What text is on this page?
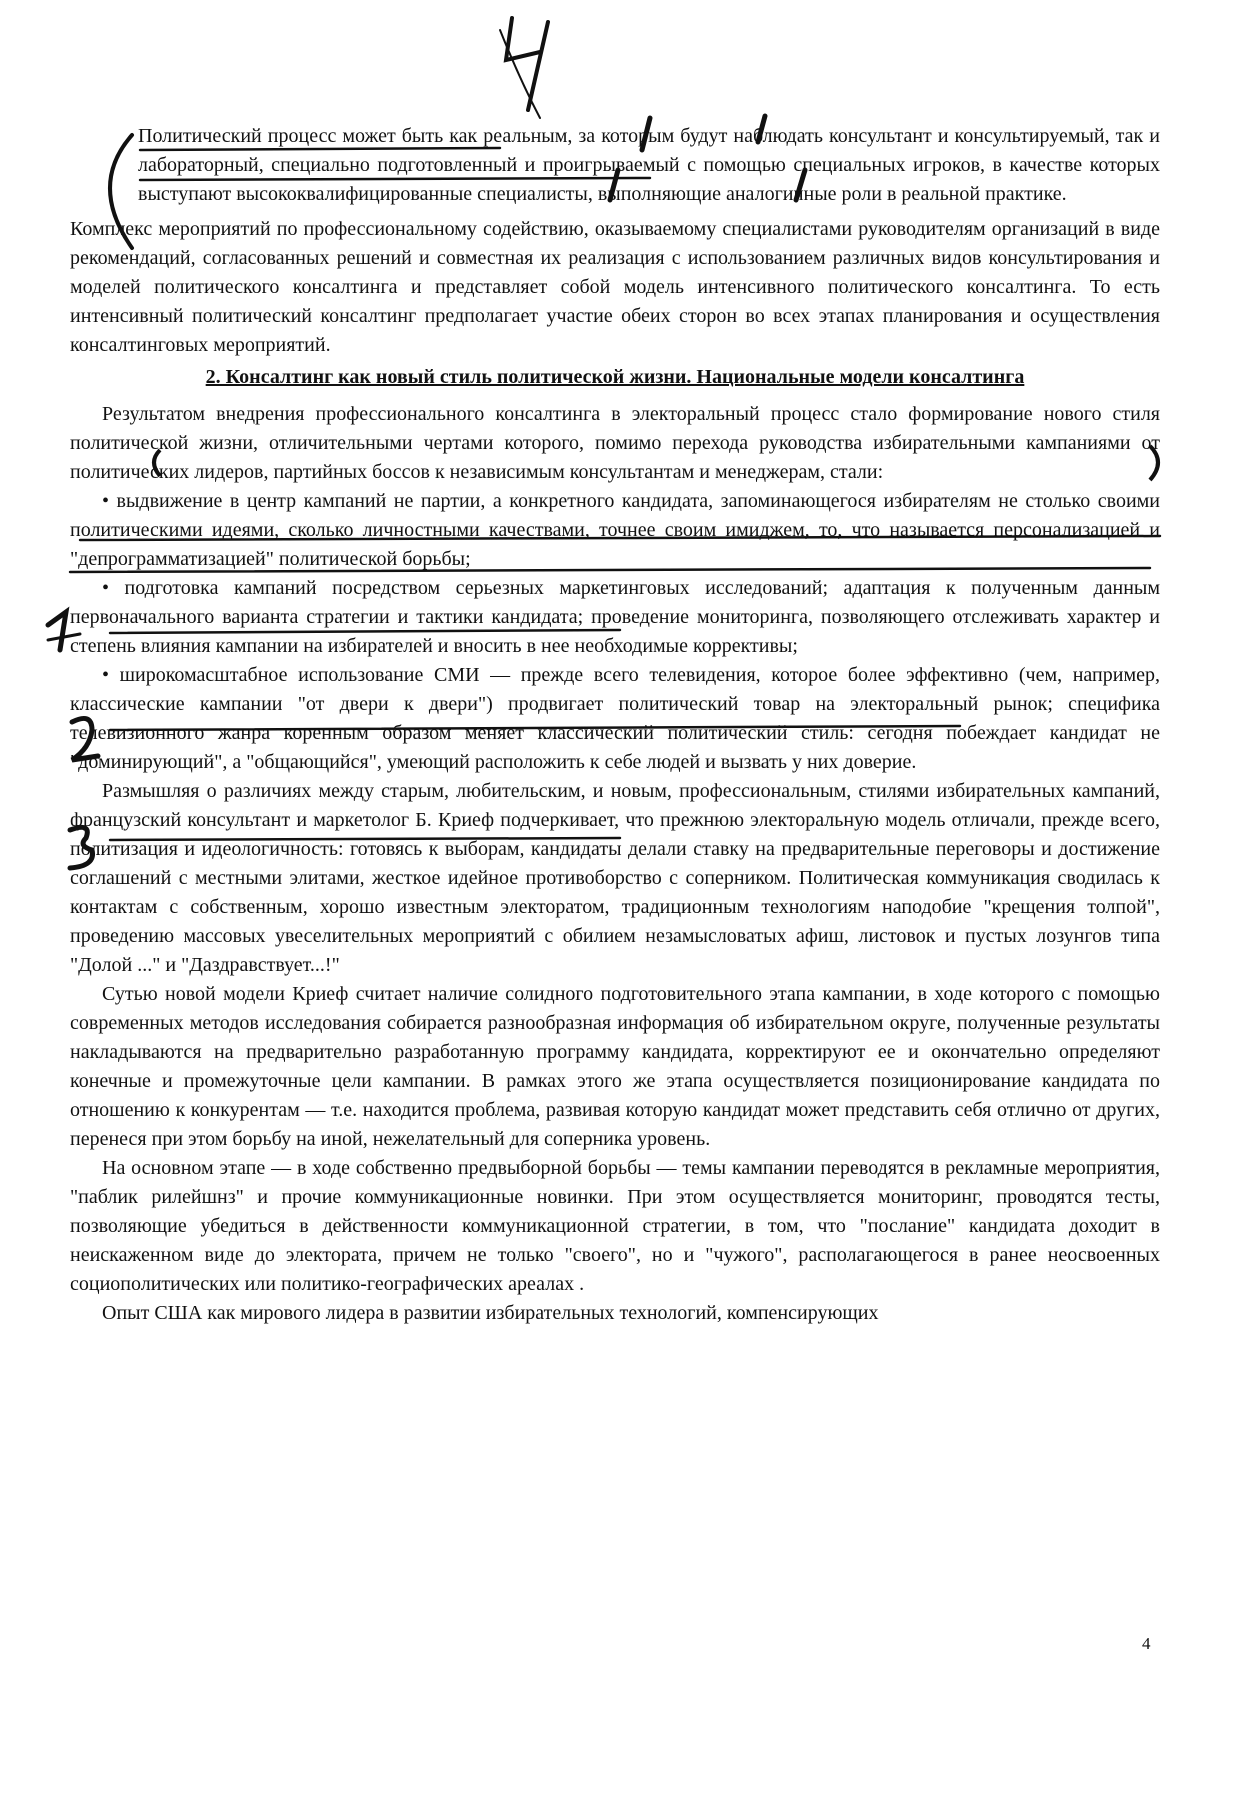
Политический процесс может быть как реальным, за которым будут наблюдать консультант и консультируемый, так и лабораторный, специально подготовленный и проигрываемый с помощью специальных игроков, в качестве которых выступают высококвалифицированные специалисты, выполняющие аналогичные роли в реальной практике.

Комплекс мероприятий по профессиональному содействию, оказываемому специалистами руководителям организаций в виде рекомендаций, согласованных решений и совместная их реализация с использованием различных видов консультирования и моделей политического консалтинга и представляет собой модель интенсивного политического консалтинга. То есть интенсивный политический консалтинг предполагает участие обеих сторон во всех этапах планирования и осуществления консалтинговых мероприятий.

2. Консалтинг как новый стиль политической жизни. Национальные модели консалтинга

Результатом внедрения профессионального консалтинга в электоральный процесс стало формирование нового стиля политической жизни, отличительными чертами которого, помимо перехода руководства избирательными кампаниями от политических лидеров, партийных боссов к независимым консультантам и менеджерам, стали:

• выдвижение в центр кампаний не партии, а конкретного кандидата, запоминающегося избирателям не столько своими политическими идеями, сколько личностными качествами, точнее своим имиджем, то, что называется персонализацией и "депрограмматизацией" политической борьбы;

• подготовка кампаний посредством серьезных маркетинговых исследований; адаптация к полученным данным первоначального варианта стратегии и тактики кандидата; проведение мониторинга, позволяющего отслеживать характер и степень влияния кампании на избирателей и вносить в нее необходимые коррективы;

• широкомасштабное использование СМИ — прежде всего телевидения, которое более эффективно (чем, например, классические кампании "от двери к двери") продвигает политический товар на электоральный рынок; специфика телевизионного жанра коренным образом меняет классический политический стиль: сегодня побеждает кандидат не "доминирующий", а "общающийся", умеющий расположить к себе людей и вызвать у них доверие.

Размышляя о различиях между старым, любительским, и новым, профессиональным, стилями избирательных кампаний, французский консультант и маркетолог Б. Криеф подчеркивает, что прежнюю электоральную модель отличали, прежде всего, политизация и идеологичность: готовясь к выборам, кандидаты делали ставку на предварительные переговоры и достижение соглашений с местными элитами, жесткое идейное противоборство с соперником. Политическая коммуникация сводилась к контактам с собственным, хорошо известным электоратом, традиционным технологиям наподобие "крещения толпой", проведению массовых увеселительных мероприятий с обилием незамысловатых афиш, листовок и пустых лозунгов типа "Долой ..." и "Даздравствует...!"

Сутью новой модели Криеф считает наличие солидного подготовительного этапа кампании, в ходе которого с помощью современных методов исследования собирается разнообразная информация об избирательном округе, полученные результаты накладываются на предварительно разработанную программу кандидата, корректируют ее и окончательно определяют конечные и промежуточные цели кампании. В рамках этого же этапа осуществляется позиционирование кандидата по отношению к конкурентам — т.е. находится проблема, развивая которую кандидат может представить себя отлично от других, перенеся при этом борьбу на иной, нежелательный для соперника уровень.

На основном этапе — в ходе собственно предвыборной борьбы — темы кампании переводятся в рекламные мероприятия, "паблик рилейшнз" и прочие коммуникационные новинки. При этом осуществляется мониторинг, проводятся тесты, позволяющие убедиться в действенности коммуникационной стратегии, в том, что "послание" кандидата доходит в неискаженном виде до электората, причем не только "своего", но и "чужого", располагающегося в ранее неосвоенных социополитических или политико-географических ареалах .

Опыт США как мирового лидера в развитии избирательных технологий, компенсирующих

4
